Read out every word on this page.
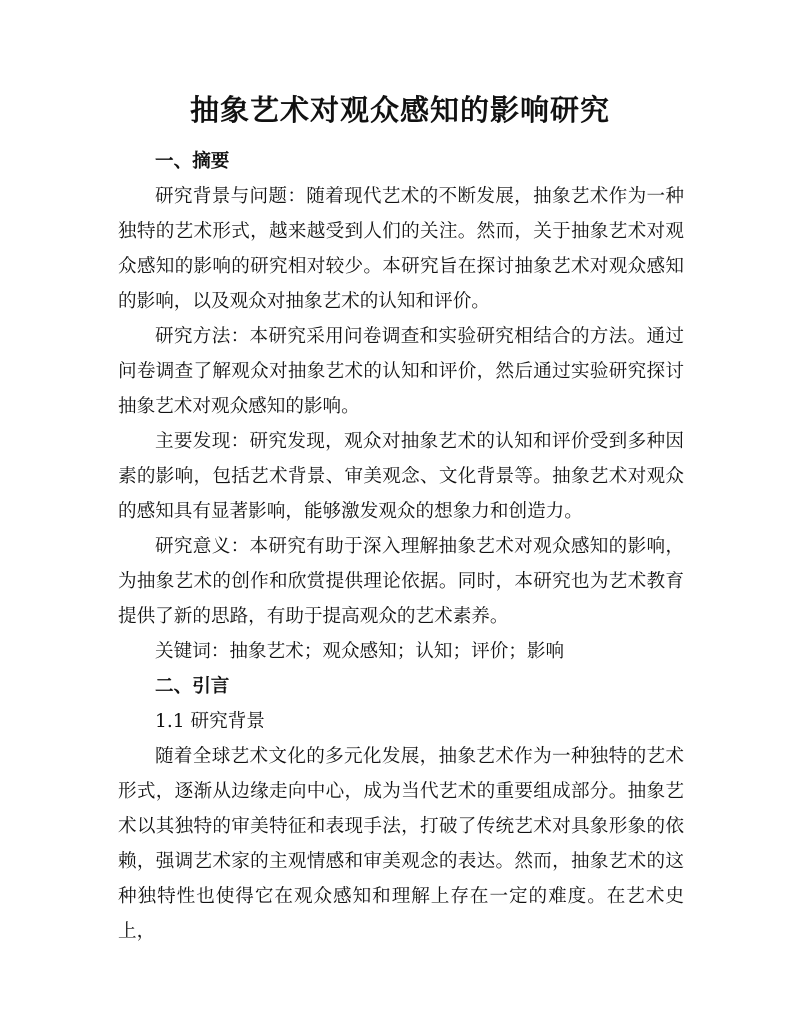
抽象艺术对观众感知的影响研究
一、摘要

研究背景与问题：随着现代艺术的不断发展，抽象艺术作为一种独特的艺术形式，越来越受到人们的关注。然而，关于抽象艺术对观众感知的影响的研究相对较少。本研究旨在探讨抽象艺术对观众感知的影响，以及观众对抽象艺术的认知和评价。

研究方法：本研究采用问卷调查和实验研究相结合的方法。通过问卷调查了解观众对抽象艺术的认知和评价，然后通过实验研究探讨抽象艺术对观众感知的影响。

主要发现：研究发现，观众对抽象艺术的认知和评价受到多种因素的影响，包括艺术背景、审美观念、文化背景等。抽象艺术对观众的感知具有显著影响，能够激发观众的想象力和创造力。

研究意义：本研究有助于深入理解抽象艺术对观众感知的影响，为抽象艺术的创作和欣赏提供理论依据。同时，本研究也为艺术教育提供了新的思路，有助于提高观众的艺术素养。

关键词：抽象艺术；观众感知；认知；评价；影响

二、引言

1.1 研究背景

随着全球艺术文化的多元化发展，抽象艺术作为一种独特的艺术形式，逐渐从边缘走向中心，成为当代艺术的重要组成部分。抽象艺术以其独特的审美特征和表现手法，打破了传统艺术对具象形象的依赖，强调艺术家的主观情感和审美观念的表达。然而，抽象艺术的这种独特性也使得它在观众感知和理解上存在一定的难度。在艺术史上，
